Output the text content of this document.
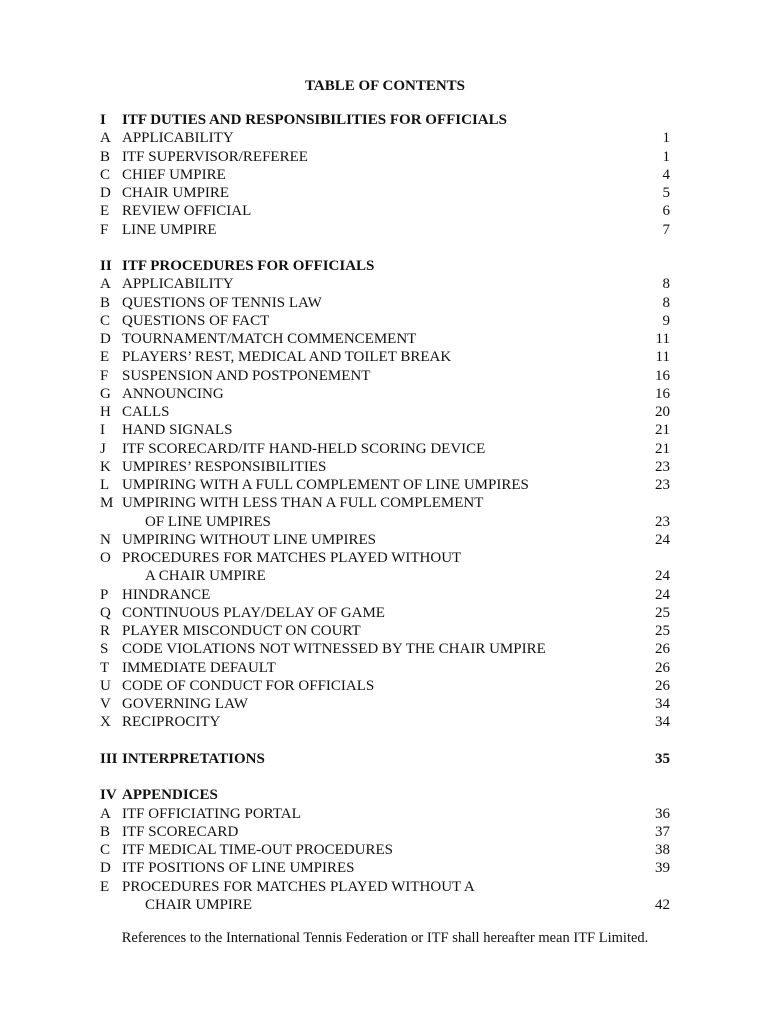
TABLE OF CONTENTS
I ITF DUTIES AND RESPONSIBILITIES FOR OFFICIALS
A APPLICABILITY	1
B ITF SUPERVISOR/REFEREE	1
C CHIEF UMPIRE	4
D CHAIR UMPIRE	5
E REVIEW OFFICIAL	6
F LINE UMPIRE	7
II ITF PROCEDURES FOR OFFICIALS
A APPLICABILITY	8
B QUESTIONS OF TENNIS LAW	8
C QUESTIONS OF FACT	9
D TOURNAMENT/MATCH COMMENCEMENT	11
E PLAYERS’ REST, MEDICAL AND TOILET BREAK	11
F SUSPENSION AND POSTPONEMENT	16
G ANNOUNCING	16
H CALLS	20
I HAND SIGNALS	21
J ITF SCORECARD/ITF HAND-HELD SCORING DEVICE	21
K UMPIRES’ RESPONSIBILITIES	23
L UMPIRING WITH A FULL COMPLEMENT OF LINE UMPIRES	23
M UMPIRING WITH LESS THAN A FULL COMPLEMENT
OF LINE UMPIRES	23
N UMPIRING WITHOUT LINE UMPIRES	24
O PROCEDURES FOR MATCHES PLAYED WITHOUT
A CHAIR UMPIRE	24
P HINDRANCE	24
Q CONTINUOUS PLAY/DELAY OF GAME	25
R PLAYER MISCONDUCT ON COURT	25
S CODE VIOLATIONS NOT WITNESSED BY THE CHAIR UMPIRE	26
T IMMEDIATE DEFAULT	26
U CODE OF CONDUCT FOR OFFICIALS	26
V GOVERNING LAW	34
X RECIPROCITY	34
III INTERPRETATIONS	35
IV APPENDICES
A ITF OFFICIATING PORTAL	36
B ITF SCORECARD	37
C ITF MEDICAL TIME-OUT PROCEDURES	38
D ITF POSITIONS OF LINE UMPIRES	39
E PROCEDURES FOR MATCHES PLAYED WITHOUT A
CHAIR UMPIRE	42
References to the International Tennis Federation or ITF shall hereafter mean ITF Limited.
